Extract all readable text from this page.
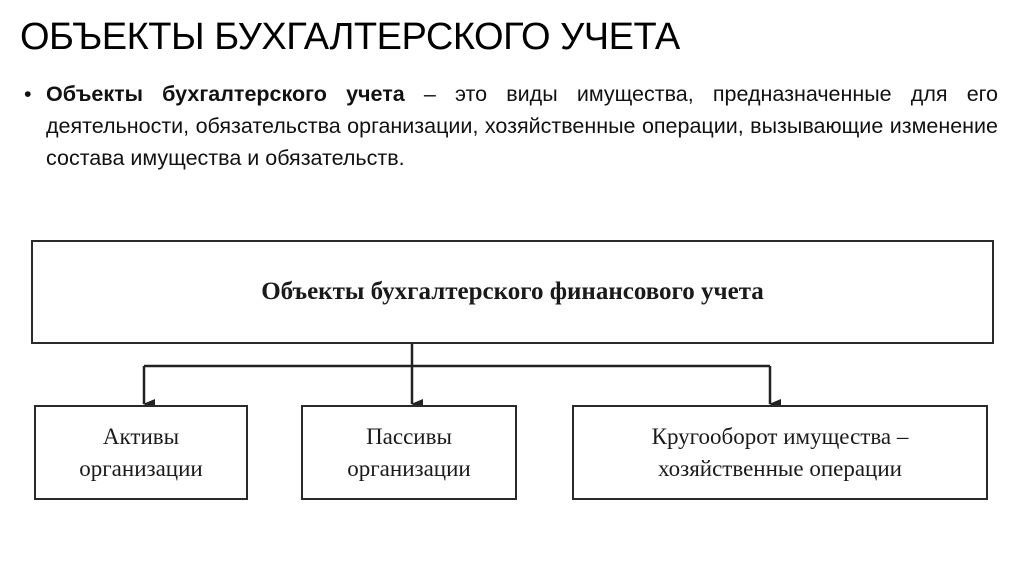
ОБЪЕКТЫ БУХГАЛТЕРСКОГО УЧЕТА
• Объекты бухгалтерского учета – это виды имущества, предназначенные для его деятельности, обязательства организации, хозяйственные операции, вызывающие изменение состава имущества и обязательств.
Объекты бухгалтерского финансового учета
Активы
организации
Пассивы
организации
Кругооборот имущества –
хозяйственные операции
